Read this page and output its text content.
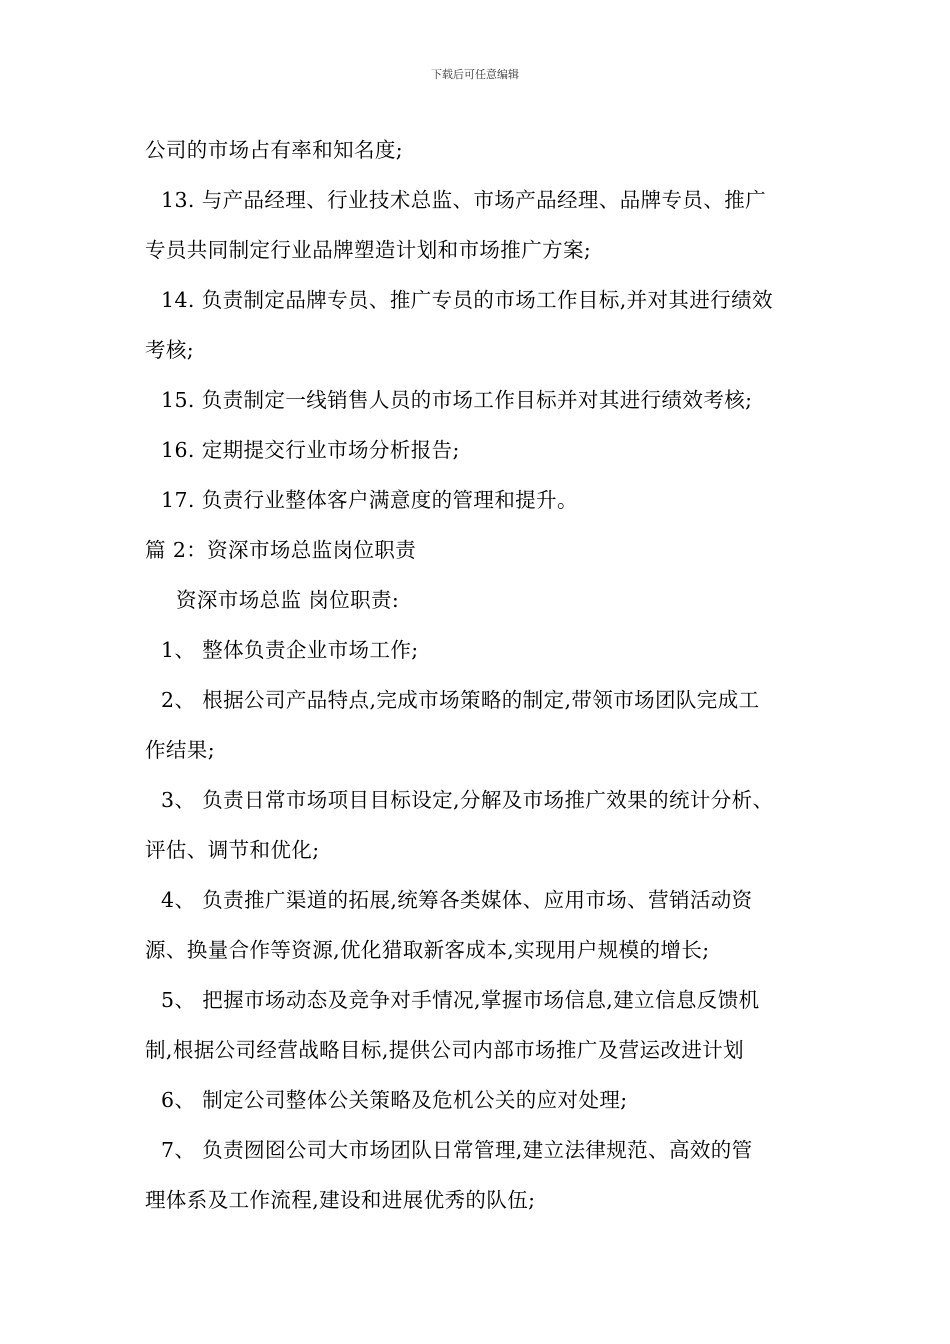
下载后可任意编辑
公司的市场占有率和知名度;
13. 与产品经理、行业技术总监、市场产品经理、品牌专员、推广
专员共同制定行业品牌塑造计划和市场推广方案;
14. 负责制定品牌专员、推广专员的市场工作目标,并对其进行绩效
考核;
15. 负责制定一线销售人员的市场工作目标并对其进行绩效考核;
16. 定期提交行业市场分析报告;
17. 负责行业整体客户满意度的管理和提升。
篇 2：资深市场总监岗位职责
资深市场总监 岗位职责:
1、 整体负责企业市场工作;
2、 根据公司产品特点,完成市场策略的制定,带领市场团队完成工
作结果;
3、 负责日常市场项目目标设定,分解及市场推广效果的统计分析、
评估、调节和优化;
4、 负责推广渠道的拓展,统筹各类媒体、应用市场、营销活动资
源、换量合作等资源,优化猎取新客成本,实现用户规模的增长;
5、 把握市场动态及竞争对手情况,掌握市场信息,建立信息反馈机
制,根据公司经营战略目标,提供公司内部市场推广及营运改进计划
6、 制定公司整体公关策略及危机公关的应对处理;
7、 负责囫囵公司大市场团队日常管理,建立法律规范、高效的管
理体系及工作流程,建设和进展优秀的队伍;
